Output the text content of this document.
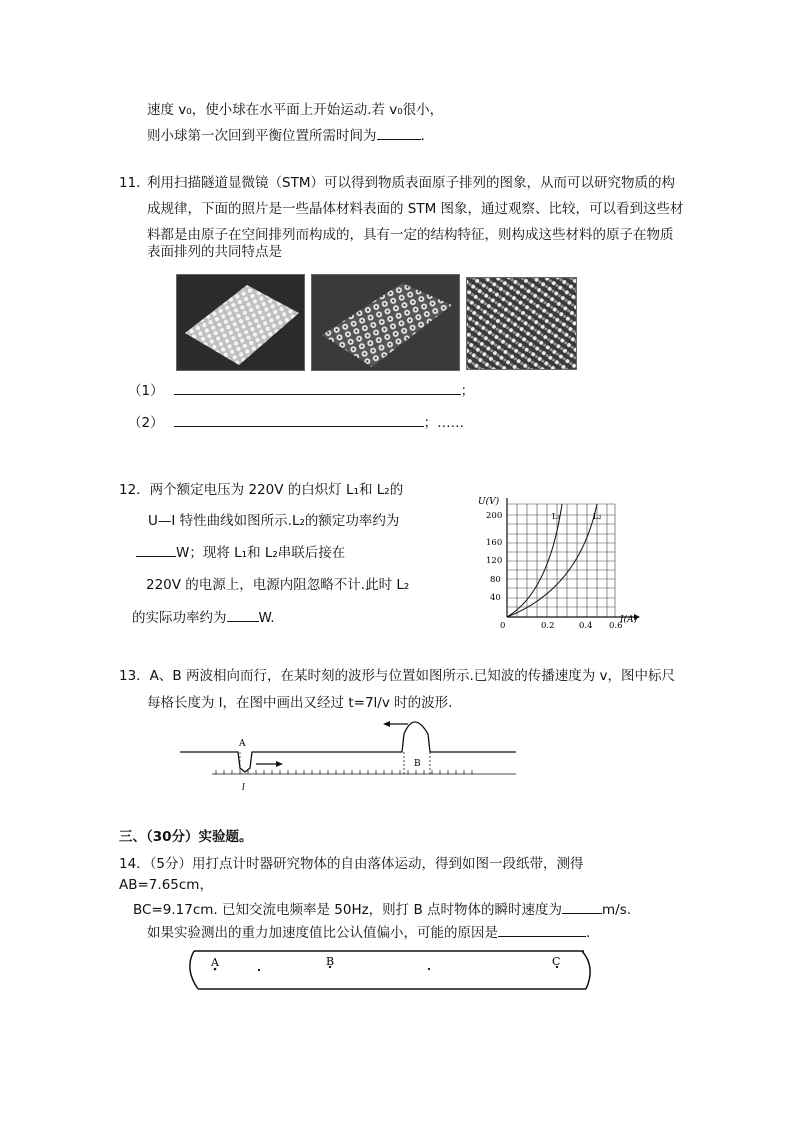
速度 v₀，使小球在水平面上开始运动.若 v₀很小，
则小球第一次回到平衡位置所需时间为	.
11．
利用扫描隧道显微镜（STM）可以得到物质表面原子排列的图象，从而可以研究物质的构
成规律，下面的照片是一些晶体材料表面的 STM 图象，通过观察、比较，可以看到这些材
料都是由原子在空间排列而构成的，具有一定的结构特征，则构成这些材料的原子在物质
表面排列的共同特点是
（1）	；
（2）	；……
12．两个额定电压为 220V 的白炽灯 L₁和 L₂的
U—I 特性曲线如图所示.L₂的额定功率约为
W；现将 L₁和 L₂串联后接在
220V 的电源上，电源内阻忽略不计.此时 L₂
的实际功率约为 W.
U(V)
200
160
120
80
40
0	0.2	0.4 0.6
I(A)
L₁	L₂
13．A、B 两波相向而行，在某时刻的波形与位置如图所示.已知波的传播速度为 v，图中标尺
每格长度为 l，在图中画出又经过 t=7l/v 时的波形.
A
B
l
三、（30分）实验题。
14．（5分）用打点计时器研究物体的自由落体运动，得到如图一段纸带，测得
AB=7.65cm，
BC=9.17cm. 已知交流电频率是 50Hz，则打 B 点时物体的瞬时速度为	m/s.
如果实验测出的重力加速度值比公认值偏小，可能的原因是	.
A	B	C
